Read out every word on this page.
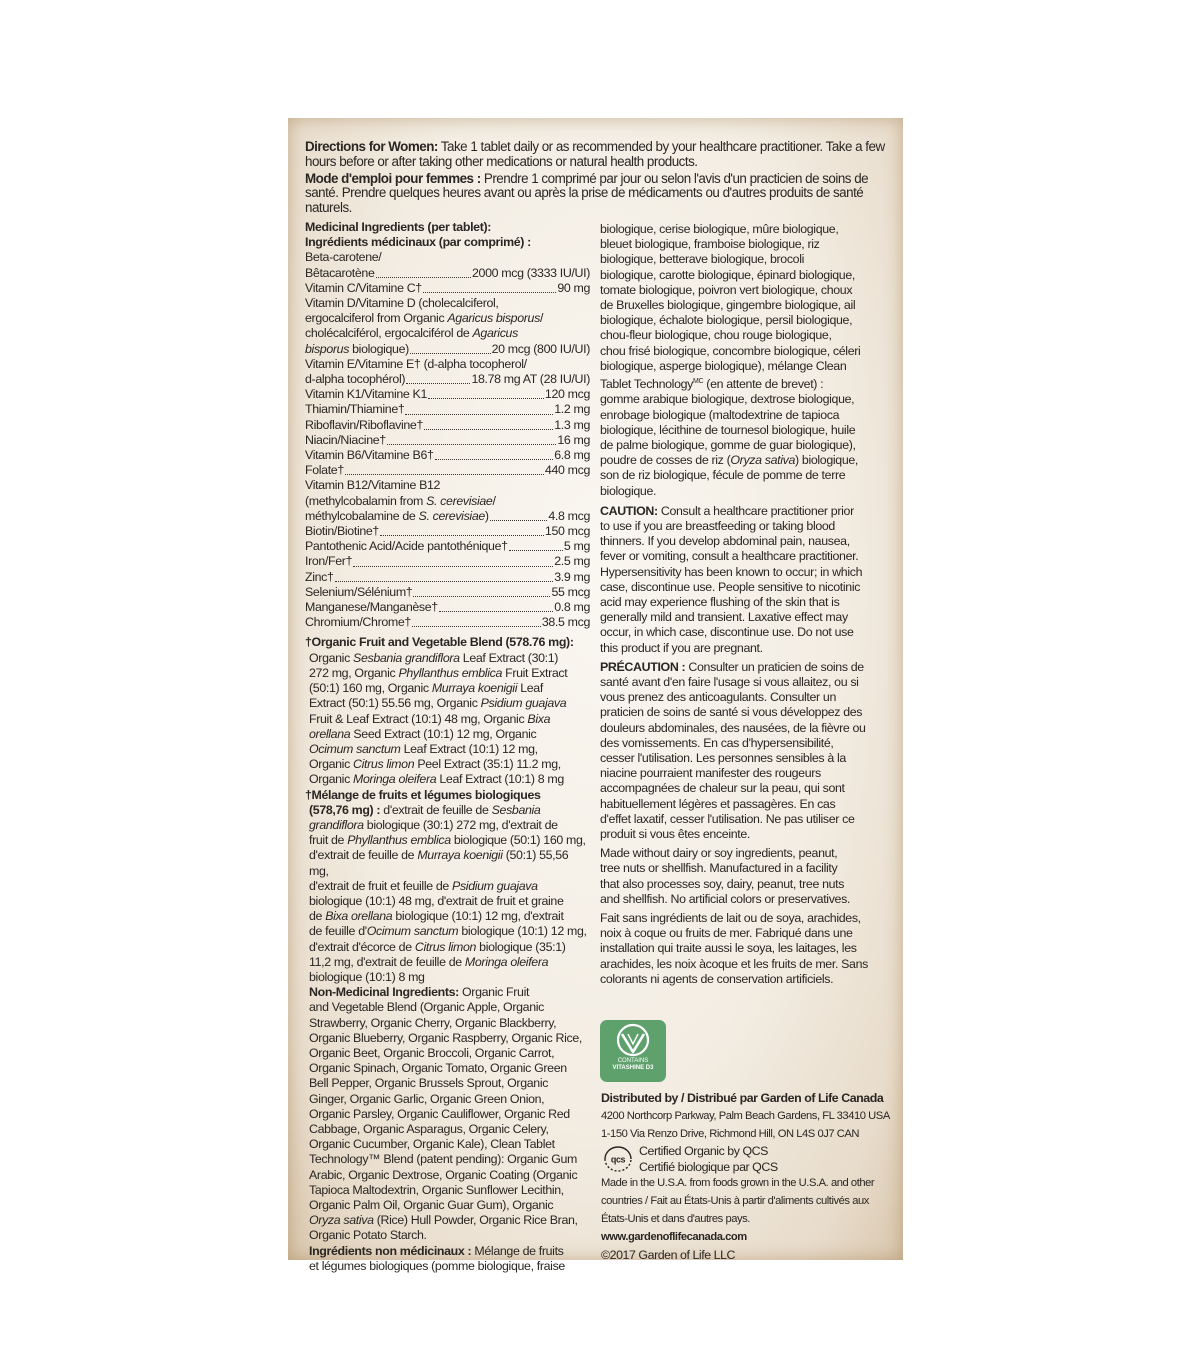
Directions for Women: Take 1 tablet daily or as recommended by your healthcare practitioner. Take a few hours before or after taking other medications or natural health products.

Mode d'emploi pour femmes : Prendre 1 comprimé par jour ou selon l'avis d'un practicien de soins de santé. Prendre quelques heures avant ou après la prise de médicaments ou d'autres produits de santé naturels.

Medicinal Ingredients (per tablet):
Ingrédients médicinaux (par comprimé) :
Beta-carotene/
Bêtacarotène	2000 mcg (3333 IU/UI)
Vitamin C/Vitamine C†	90 mg
Vitamin D/Vitamine D (cholecalciferol,
ergocalciferol from Organic Agaricus bisporus/
cholécalciférol, ergocalciférol de Agaricus
bisporus biologique)	20 mcg (800 IU/UI)
Vitamin E/Vitamine E† (d-alpha tocopherol/
d-alpha tocophérol)	18.78 mg AT (28 IU/UI)
Vitamin K1/Vitamine K1	120 mcg
Thiamin/Thiamine†	1.2 mg
Riboflavin/Riboflavine†	1.3 mg
Niacin/Niacine†	16 mg
Vitamin B6/Vitamine B6†	6.8 mg
Folate†	440 mcg
Vitamin B12/Vitamine B12
(methylcobalamin from S. cerevisiae/
méthylcobalamine de S. cerevisiae)	4.8 mcg
Biotin/Biotine†	150 mcg
Pantothenic Acid/Acide pantothénique†	5 mg
Iron/Fer†	2.5 mg
Zinc†	3.9 mg
Selenium/Sélénium†	55 mcg
Manganese/Manganèse†	0.8 mg
Chromium/Chrome†	38.5 mcg
†Organic Fruit and Vegetable Blend (578.76 mg):
Organic Sesbania grandiflora Leaf Extract (30:1)
272 mg, Organic Phyllanthus emblica Fruit Extract
(50:1) 160 mg, Organic Murraya koenigii Leaf
Extract (50:1) 55.56 mg, Organic Psidium guajava
Fruit & Leaf Extract (10:1) 48 mg, Organic Bixa
orellana Seed Extract (10:1) 12 mg, Organic
Ocimum sanctum Leaf Extract (10:1) 12 mg,
Organic Citrus limon Peel Extract (35:1) 11.2 mg,
Organic Moringa oleifera Leaf Extract (10:1) 8 mg
†Mélange de fruits et légumes biologiques
(578,76 mg) : d'extrait de feuille de Sesbania
grandiflora biologique (30:1) 272 mg, d'extrait de
fruit de Phyllanthus emblica biologique (50:1) 160 mg,
d'extrait de feuille de Murraya koenigii (50:1) 55,56 mg,
d'extrait de fruit et feuille de Psidium guajava
biologique (10:1) 48 mg, d'extrait de fruit et graine
de Bixa orellana biologique (10:1) 12 mg, d'extrait
de feuille d'Ocimum sanctum biologique (10:1) 12 mg,
d'extrait d'écorce de Citrus limon biologique (35:1)
11,2 mg, d'extrait de feuille de Moringa oleifera
biologique (10:1) 8 mg
Non-Medicinal Ingredients: Organic Fruit
and Vegetable Blend (Organic Apple, Organic
Strawberry, Organic Cherry, Organic Blackberry,
Organic Blueberry, Organic Raspberry, Organic Rice,
Organic Beet, Organic Broccoli, Organic Carrot,
Organic Spinach, Organic Tomato, Organic Green
Bell Pepper, Organic Brussels Sprout, Organic
Ginger, Organic Garlic, Organic Green Onion,
Organic Parsley, Organic Cauliflower, Organic Red
Cabbage, Organic Asparagus, Organic Celery,
Organic Cucumber, Organic Kale), Clean Tablet
Technology™ Blend (patent pending): Organic Gum
Arabic, Organic Dextrose, Organic Coating (Organic
Tapioca Maltodextrin, Organic Sunflower Lecithin,
Organic Palm Oil, Organic Guar Gum), Organic
Oryza sativa (Rice) Hull Powder, Organic Rice Bran,
Organic Potato Starch.
Ingrédients non médicinaux : Mélange de fruits
et légumes biologiques (pomme biologique, fraise
biologique, cerise biologique, mûre biologique,
bleuet biologique, framboise biologique, riz
biologique, betterave biologique, brocoli
biologique, carotte biologique, épinard biologique,
tomate biologique, poivron vert biologique, choux
de Bruxelles biologique, gingembre biologique, ail
biologique, échalote biologique, persil biologique,
chou-fleur biologique, chou rouge biologique,
chou frisé biologique, concombre biologique, céleri
biologique, asperge biologique), mélange Clean
Tablet Technology$^{MC}$ (en attente de brevet) :
gomme arabique biologique, dextrose biologique,
enrobage biologique (maltodextrine de tapioca
biologique, lécithine de tournesol biologique, huile
de palme biologique, gomme de guar biologique),
poudre de cosses de riz (Oryza sativa) biologique,
son de riz biologique, fécule de pomme de terre
biologique.
CAUTION: Consult a healthcare practitioner prior
to use if you are breastfeeding or taking blood
thinners. If you develop abdominal pain, nausea,
fever or vomiting, consult a healthcare practitioner.
Hypersensitivity has been known to occur; in which
case, discontinue use. People sensitive to nicotinic
acid may experience flushing of the skin that is
generally mild and transient. Laxative effect may
occur, in which case, discontinue use. Do not use
this product if you are pregnant.
PRÉCAUTION : Consulter un praticien de soins de
santé avant d'en faire l'usage si vous allaitez, ou si
vous prenez des anticoagulants. Consulter un
praticien de soins de santé si vous développez des
douleurs abdominales, des nausées, de la fièvre ou
des vomissements. En cas d'hypersensibilité,
cesser l'utilisation. Les personnes sensibles à la
niacine pourraient manifester des rougeurs
accompagnées de chaleur sur la peau, qui sont
habituellement légères et passagères. En cas
d'effet laxatif, cesser l'utilisation. Ne pas utiliser ce
produit si vous êtes enceinte.
Made without dairy or soy ingredients, peanut,
tree nuts or shellfish. Manufactured in a facility
that also processes soy, dairy, peanut, tree nuts
and shellfish. No artificial colors or preservatives.
Fait sans ingrédients de lait ou de soya, arachides,
noix à coque ou fruits de mer. Fabriqué dans une
installation qui traite aussi le soya, les laitages, les
arachides, les noix àcoque et les fruits de mer. Sans
colorants ni agents de conservation artificiels.
CONTAINS
VITASHINE D3
Distributed by / Distribué par Garden of Life Canada
4200 Northcorp Parkway, Palm Beach Gardens, FL 33410 USA
1-150 Via Renzo Drive, Richmond Hill, ON L4S 0J7 CAN
qcs
Certified Organic by QCS
Certifié biologique par QCS
Made in the U.S.A. from foods grown in the U.S.A. and other
countries / Fait au États-Unis à partir d'aliments cultivés aux
États-Unis et dans d'autres pays.  www.gardenoflifecanada.com
©2017 Garden of Life LLC
